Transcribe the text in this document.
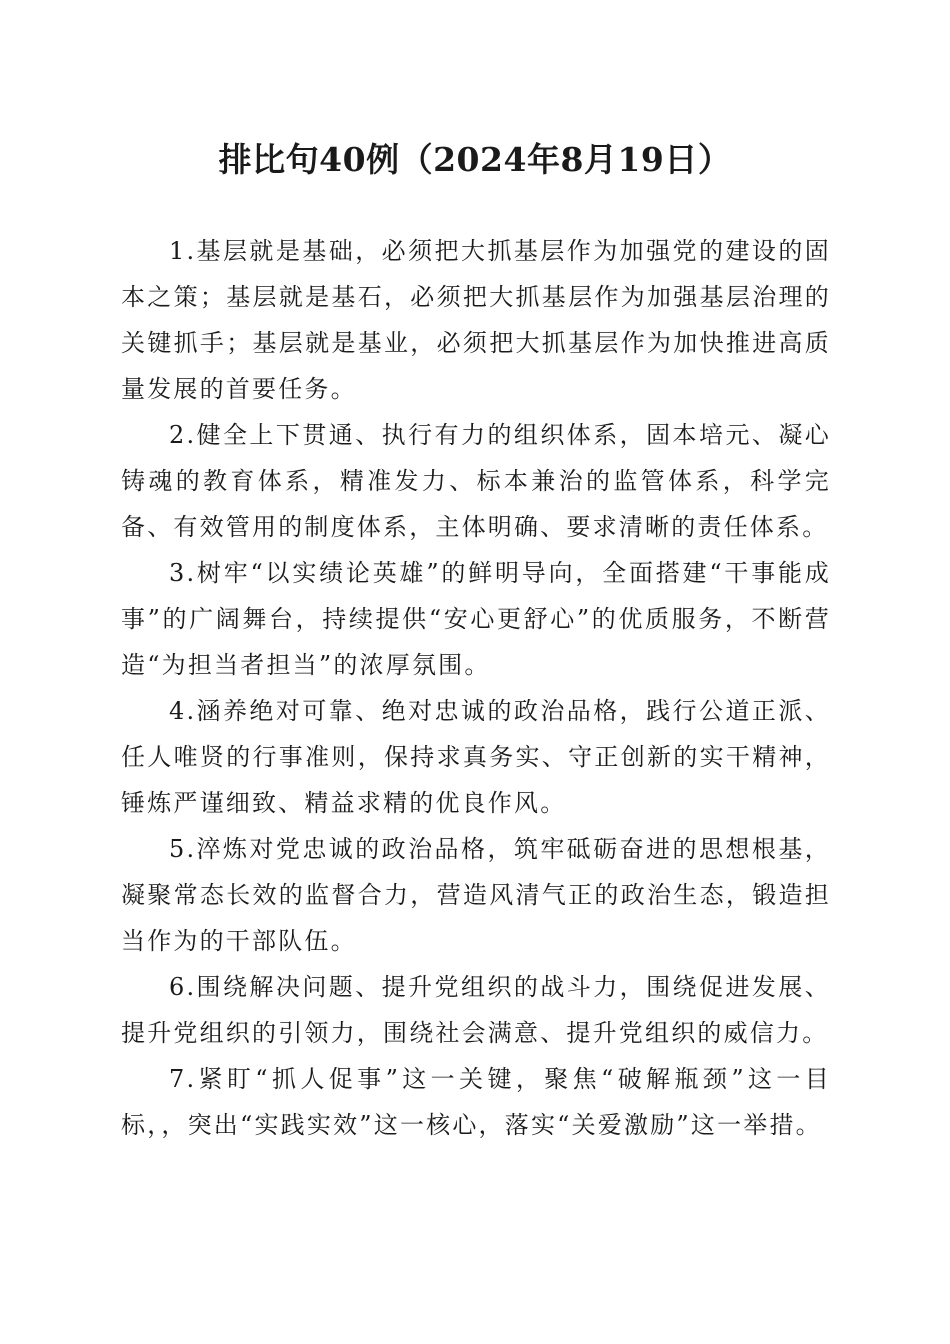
排比句40例（2024年8月19日）

1.基层就是基础，必须把大抓基层作为加强党的建设的固本之策；基层就是基石，必须把大抓基层作为加强基层治理的关键抓手；基层就是基业，必须把大抓基层作为加快推进高质量发展的首要任务。

2.健全上下贯通、执行有力的组织体系，固本培元、凝心铸魂的教育体系，精准发力、标本兼治的监管体系，科学完备、有效管用的制度体系，主体明确、要求清晰的责任体系。

3.树牢“以实绩论英雄”的鲜明导向，全面搭建“干事能成事”的广阔舞台，持续提供“安心更舒心”的优质服务，不断营造“为担当者担当”的浓厚氛围。

4.涵养绝对可靠、绝对忠诚的政治品格，践行公道正派、任人唯贤的行事准则，保持求真务实、守正创新的实干精神，锤炼严谨细致、精益求精的优良作风。

5.淬炼对党忠诚的政治品格，筑牢砥砺奋进的思想根基，凝聚常态长效的监督合力，营造风清气正的政治生态，锻造担当作为的干部队伍。

6.围绕解决问题、提升党组织的战斗力，围绕促进发展、提升党组织的引领力，围绕社会满意、提升党组织的威信力。

7.紧盯“抓人促事”这一关键，聚焦“破解瓶颈”这一目标，，突出“实践实效”这一核心，落实“关爱激励”这一举措。
